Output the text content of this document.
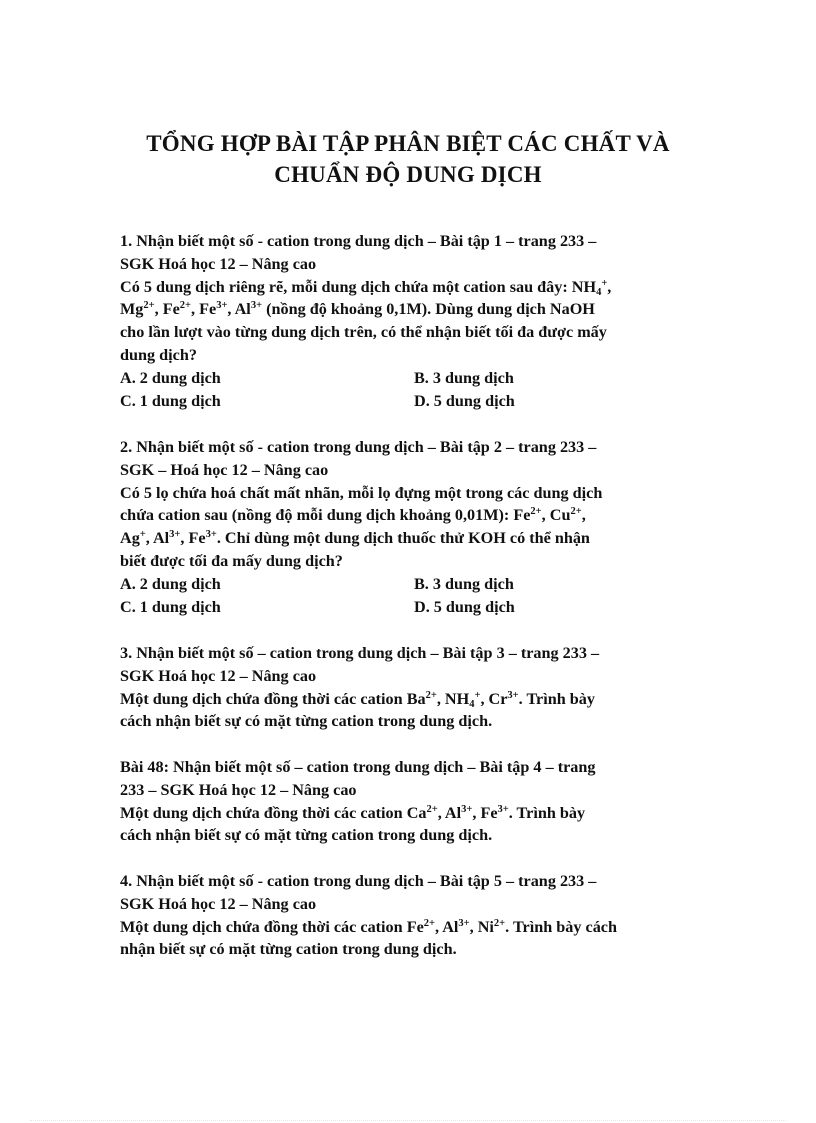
TỔNG HỢP BÀI TẬP PHÂN BIỆT CÁC CHẤT VÀ
CHUẨN ĐỘ DUNG DỊCH
1. Nhận biết một số - cation trong dung dịch – Bài tập 1 – trang 233 –
SGK Hoá học 12 – Nâng cao
Có 5 dung dịch riêng rẽ, mỗi dung dịch chứa một cation sau đây: $NH_4^+$,
$Mg^{2+}$, $Fe^{2+}$, $Fe^{3+}$, $Al^{3+}$ (nồng độ khoảng 0,1M). Dùng dung dịch NaOH
cho lần lượt vào từng dung dịch trên, có thể nhận biết tối đa được mấy
dung dịch?
A. 2 dung dịch	B. 3 dung dịch
C. 1 dung dịch	D. 5 dung dịch
2. Nhận biết một số - cation trong dung dịch – Bài tập 2 – trang 233 –
SGK – Hoá học 12 – Nâng cao
Có 5 lọ chứa hoá chất mất nhãn, mỗi lọ đựng một trong các dung dịch
chứa cation sau (nồng độ mỗi dung dịch khoảng 0,01M): $Fe^{2+}$, $Cu^{2+}$,
Ag+, $Al^{3+}$, $Fe^{3+}$. Chỉ dùng một dung dịch thuốc thử KOH có thể nhận
biết được tối đa mấy dung dịch?
A. 2 dung dịch	B. 3 dung dịch
C. 1 dung dịch	D. 5 dung dịch
3. Nhận biết một số – cation trong dung dịch – Bài tập 3 – trang 233 –
SGK Hoá học 12 – Nâng cao
Một dung dịch chứa đồng thời các cation $Ba^{2+}$, $NH_4^+$, $Cr^{3+}$. Trình bày
cách nhận biết sự có mặt từng cation trong dung dịch.
Bài 48: Nhận biết một số – cation trong dung dịch – Bài tập 4 – trang
233 – SGK Hoá học 12 – Nâng cao
Một dung dịch chứa đồng thời các cation $Ca^{2+}$, $Al^{3+}$, $Fe^{3+}$. Trình bày
cách nhận biết sự có mặt từng cation trong dung dịch.
4. Nhận biết một số - cation trong dung dịch – Bài tập 5 – trang 233 –
SGK Hoá học 12 – Nâng cao
Một dung dịch chứa đồng thời các cation $Fe^{2+}$, $Al^{3+}$, $Ni^{2+}$. Trình bày cách
nhận biết sự có mặt từng cation trong dung dịch.
